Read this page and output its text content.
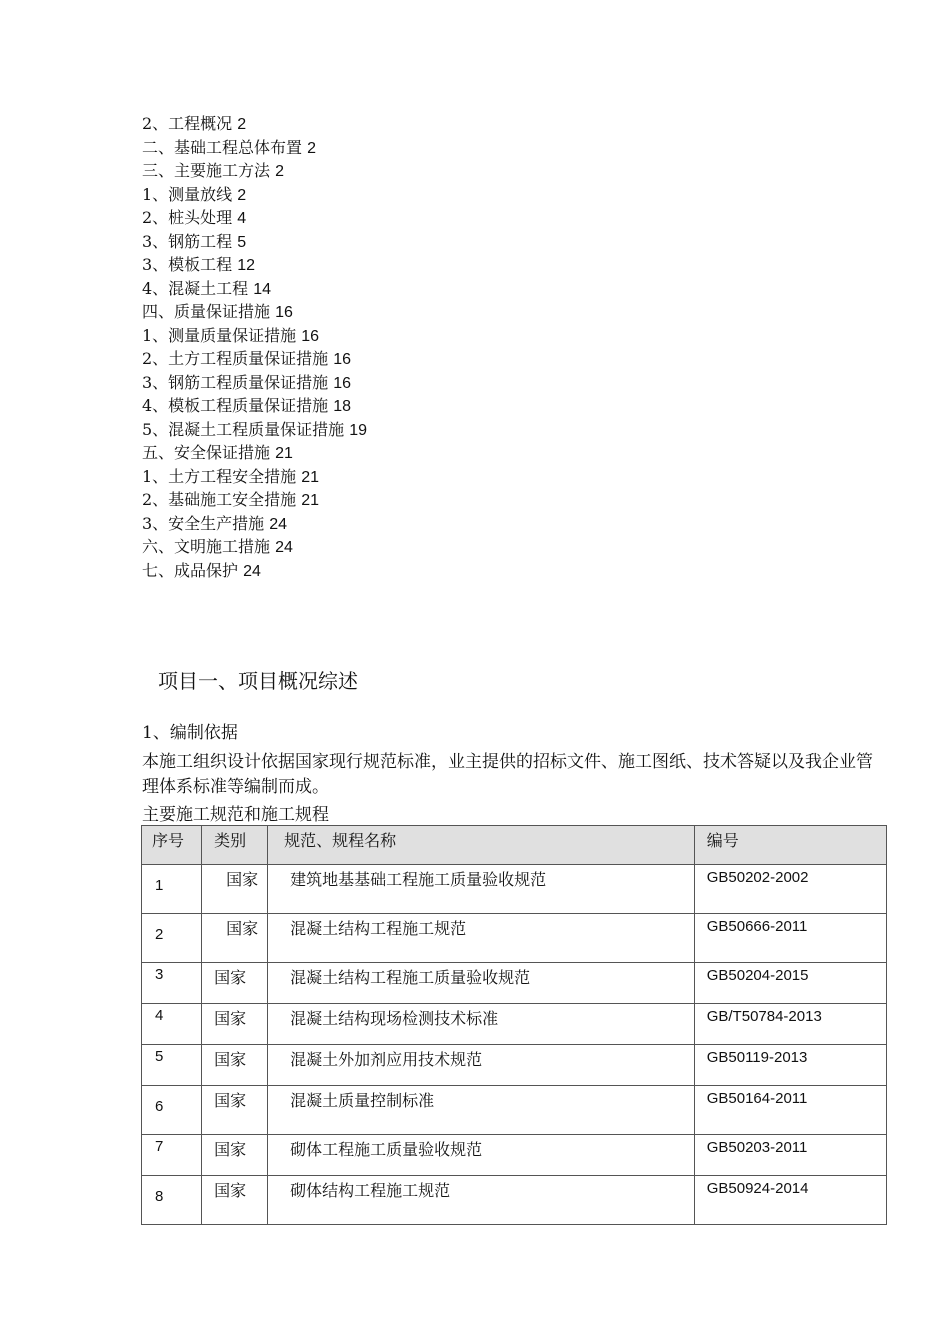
2、工程概况 2
二、基础工程总体布置 2
三、主要施工方法 2
1、测量放线 2
2、桩头处理 4
3、钢筋工程 5
3、模板工程 12
4、混凝土工程 14
四、质量保证措施 16
1、测量质量保证措施 16
2、土方工程质量保证措施 16
3、钢筋工程质量保证措施 16
4、模板工程质量保证措施 18
5、混凝土工程质量保证措施 19
五、安全保证措施 21
1、土方工程安全措施 21
2、基础施工安全措施 21
3、安全生产措施 24
六、文明施工措施 24
七、成品保护 24
项目一、项目概况综述
1、编制依据
本施工组织设计依据国家现行规范标准，业主提供的招标文件、施工图纸、技术答疑以及我企业管理体系标准等编制而成。
主要施工规范和施工规程
序号	类别	规范、规程名称	编号
1	国家	建筑地基基础工程施工质量验收规范	GB50202-2002
2	国家	混凝土结构工程施工规范	GB50666-2011
3	国家	混凝土结构工程施工质量验收规范	GB50204-2015
4	国家	混凝土结构现场检测技术标准	GB/T50784-2013
5	国家	混凝土外加剂应用技术规范	GB50119-2013
6	国家	混凝土质量控制标准	GB50164-2011
7	国家	砌体工程施工质量验收规范	GB50203-2011
8	国家	砌体结构工程施工规范	GB50924-2014
